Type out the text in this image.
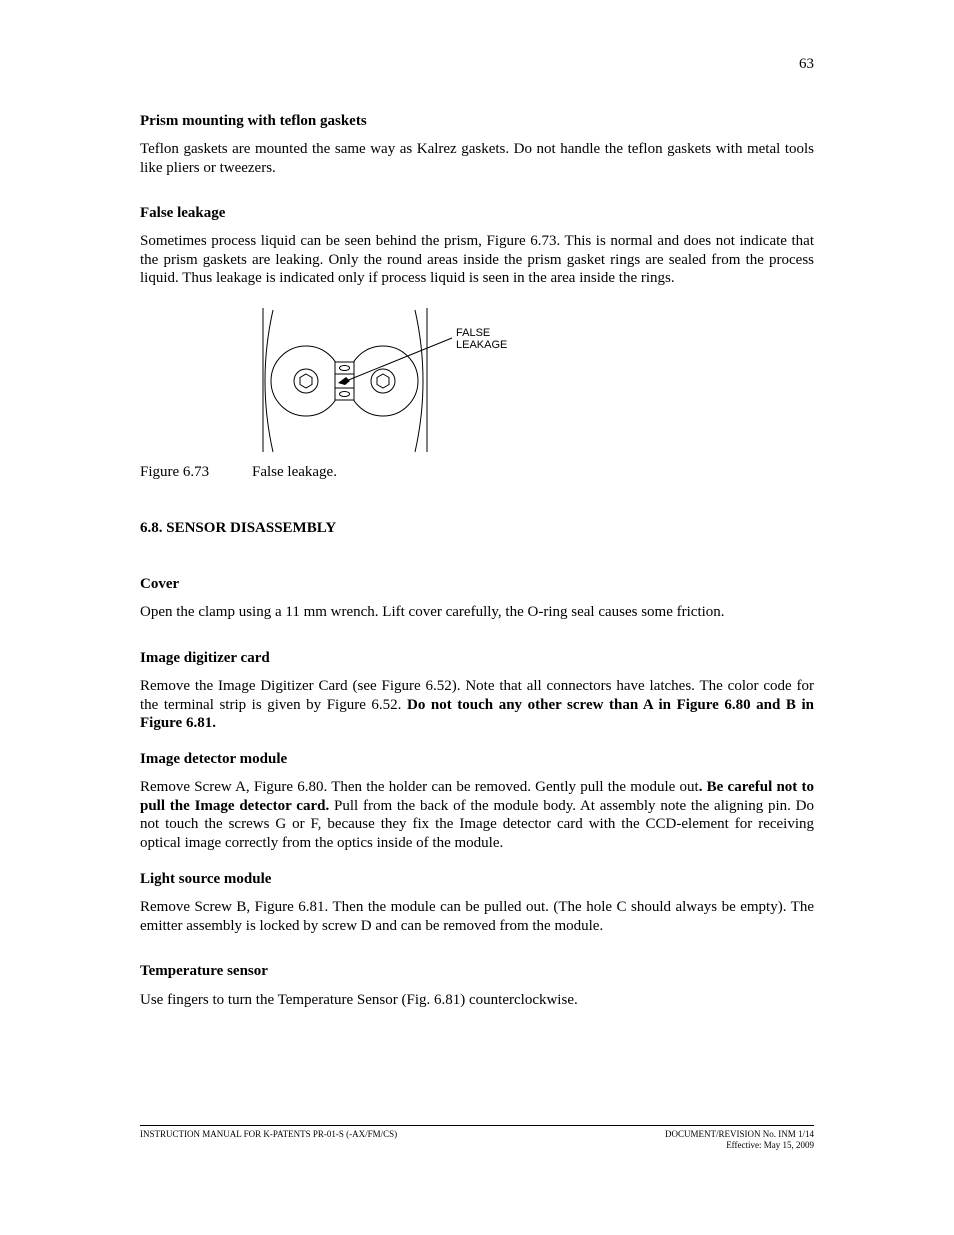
63
Prism mounting with teflon gaskets

Teflon gaskets are mounted the same way as Kalrez gaskets. Do not handle the teflon gaskets with metal tools like pliers or tweezers.

False leakage

Sometimes process liquid can be seen behind the prism, Figure 6.73. This is normal and does not indicate that the prism gaskets are leaking. Only the round areas inside the prism gasket rings are sealed from the process liquid. Thus leakage is indicated only if process liquid is seen in the area inside the rings.

FALSE
LEAKAGE
Figure 6.73	False leakage.
6.8. SENSOR DISASSEMBLY
Cover

Open the clamp using a 11 mm wrench. Lift cover carefully, the O-ring seal causes some friction.

Image digitizer card

Remove the Image Digitizer Card (see Figure 6.52). Note that all connectors have latches. The color code for the terminal strip is given by Figure 6.52. Do not touch any other screw than A in Figure 6.80 and B in Figure 6.81.

Image detector module

Remove Screw A, Figure 6.80. Then the holder can be removed. Gently pull the module out. Be careful not to pull the Image detector card. Pull from the back of the module body. At assembly note the aligning pin. Do not touch the screws G or F, because they fix the Image detector card with the CCD-element for receiving optical image correctly from the optics inside of the module.

Light source module

Remove Screw B, Figure 6.81. Then the module can be pulled out. (The hole C should always be empty). The emitter assembly is locked by screw D and can be removed from the module.

Temperature sensor

Use fingers to turn the Temperature Sensor (Fig. 6.81) counterclockwise.

INSTRUCTION MANUAL FOR K-PATENTS PR-01-S (-AX/FM/CS)	DOCUMENT/REVISION No. INM 1/14
Effective: May 15, 2009
